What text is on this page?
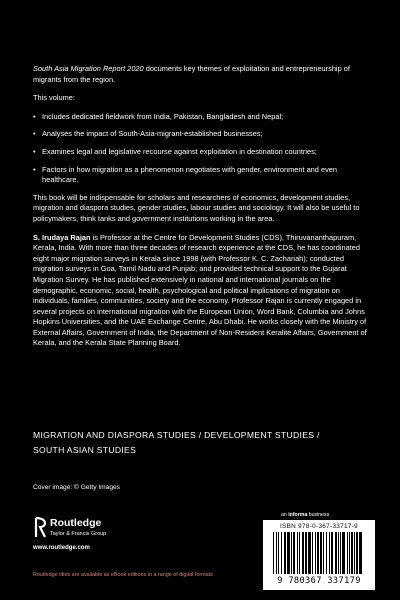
South Asia Migration Report 2020 documents key themes of exploitation and entrepreneurship of migrants from the region.

This volume:

• Includes dedicated fieldwork from India, Pakistan, Bangladesh and Nepal;
• Analyses the impact of South-Asia-migrant-established businesses;
• Examines legal and legislative recourse against exploitation in destination countries;
• Factors in how migration as a phenomenon negotiates with gender, environment and even healthcare.

This book will be indispensable for scholars and researchers of economics, development studies, migration and diaspora studies, gender studies, labour studies and sociology. It will also be useful to policymakers, think tanks and government institutions working in the area.

S. Irudaya Rajan is Professor at the Centre for Development Studies (CDS), Thiruvananthapuram, Kerala, India. With more than three decades of research experience at the CDS, he has coordinated eight major migration surveys in Kerala since 1998 (with Professor K. C. Zachariah); conducted migration surveys in Goa, Tamil Nadu and Punjab; and provided technical support to the Gujarat Migration Survey. He has published extensively in national and international journals on the demographic, economic, social, health, psychological and political implications of migration on individuals, families, communities, society and the economy. Professor Rajan is currently engaged in several projects on international migration with the European Union, Word Bank, Columbia and Johns Hopkins Universities, and the UAE Exchange Centre, Abu Dhabi. He works closely with the Ministry of External Affairs, Government of India, the Department of Non-Resident Keralite Affairs, Government of Kerala, and the Kerala State Planning Board.

MIGRATION AND DIASPORA STUDIES / DEVELOPMENT STUDIES /
SOUTH ASIAN STUDIES
Cover image: © Getty Images
Routledge
Taylor & Francis Group
www.routledge.com
an informa business
ISBN 978-0-367-33717-9
9 780367 337179
Routledge titles are available as eBook editions in a range of digital formats
